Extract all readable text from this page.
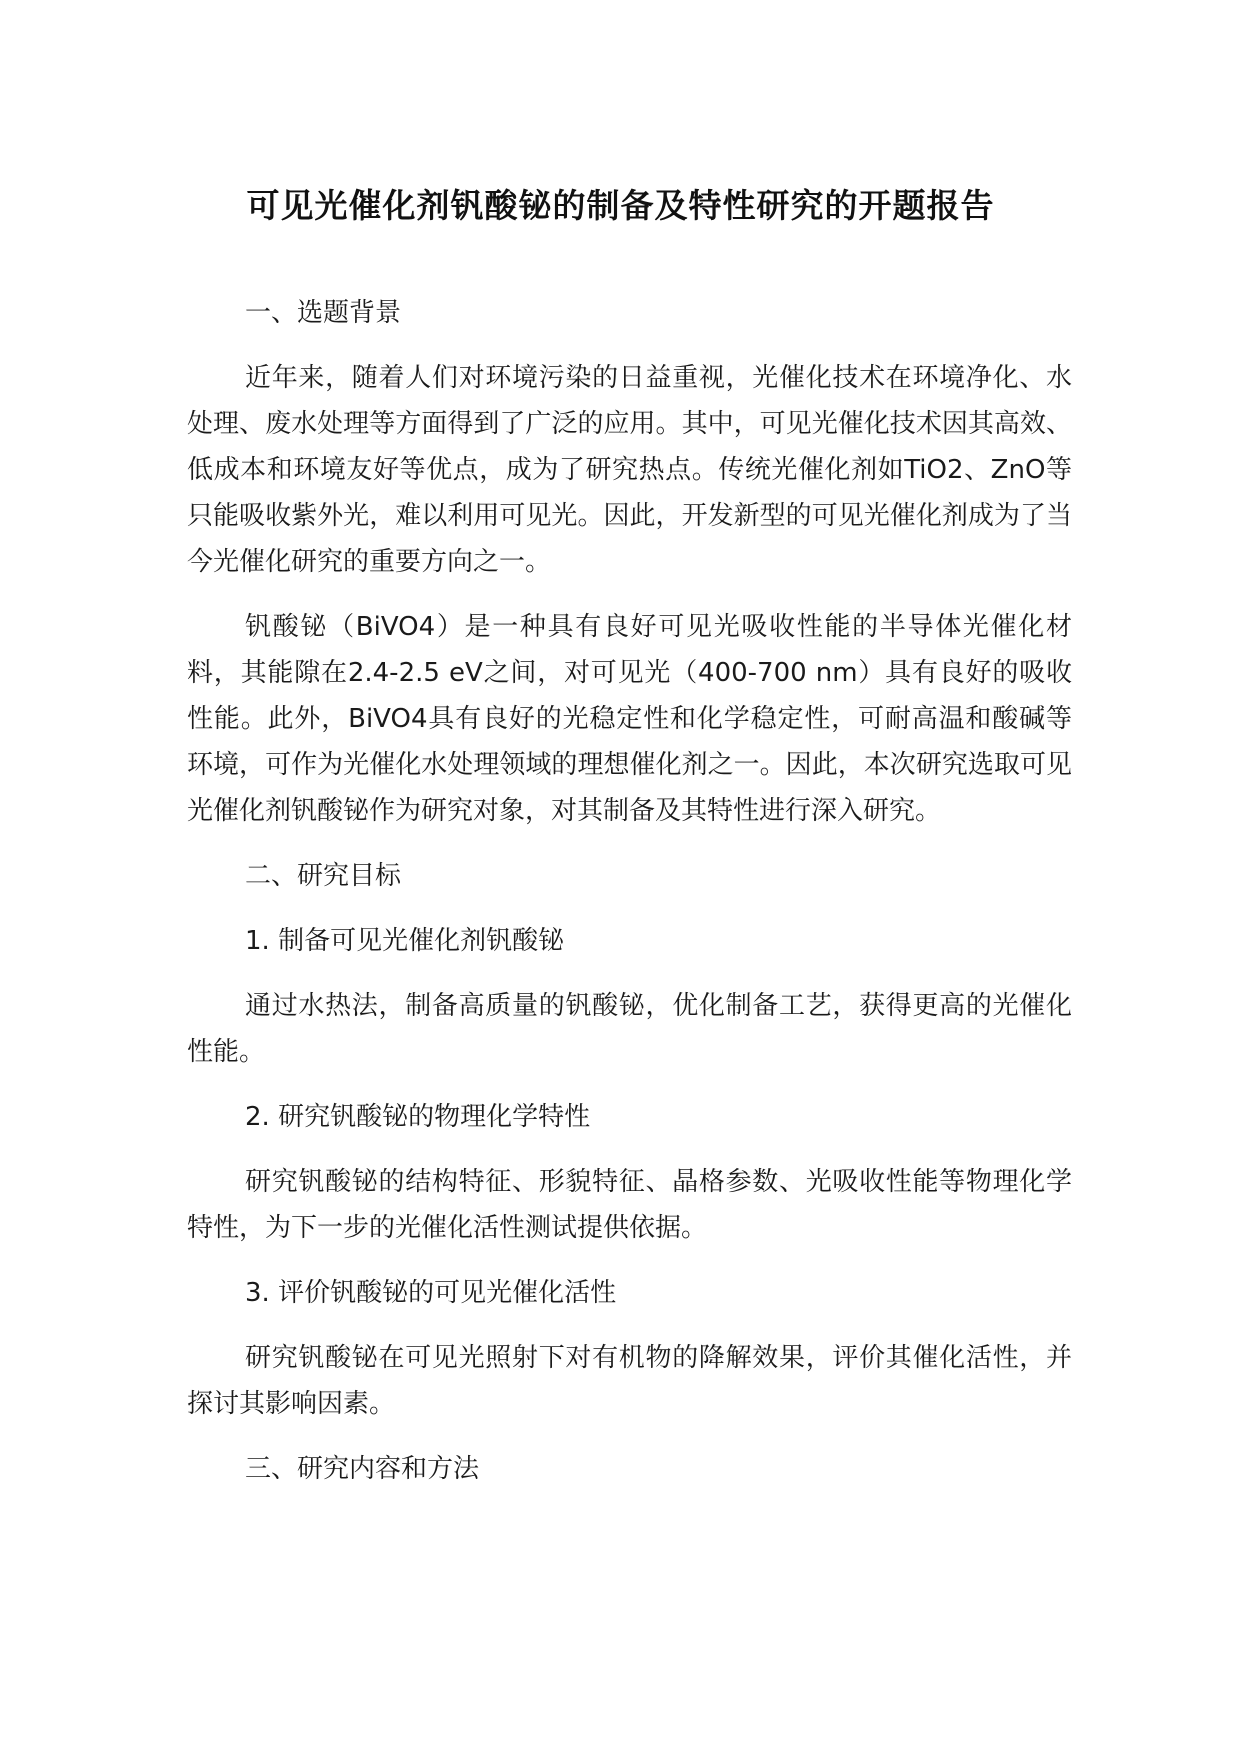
可见光催化剂钒酸铋的制备及特性研究的开题报告

一、选题背景

近年来，随着人们对环境污染的日益重视，光催化技术在环境净化、水处理、废水处理等方面得到了广泛的应用。其中，可见光催化技术因其高效、低成本和环境友好等优点，成为了研究热点。传统光催化剂如TiO2、ZnO等只能吸收紫外光，难以利用可见光。因此，开发新型的可见光催化剂成为了当今光催化研究的重要方向之一。

钒酸铋（BiVO4）是一种具有良好可见光吸收性能的半导体光催化材料，其能隙在2.4-2.5 eV之间，对可见光（400-700 nm）具有良好的吸收性能。此外，BiVO4具有良好的光稳定性和化学稳定性，可耐高温和酸碱等环境，可作为光催化水处理领域的理想催化剂之一。因此，本次研究选取可见光催化剂钒酸铋作为研究对象，对其制备及其特性进行深入研究。

二、研究目标

1. 制备可见光催化剂钒酸铋

通过水热法，制备高质量的钒酸铋，优化制备工艺，获得更高的光催化性能。

2. 研究钒酸铋的物理化学特性

研究钒酸铋的结构特征、形貌特征、晶格参数、光吸收性能等物理化学特性，为下一步的光催化活性测试提供依据。

3. 评价钒酸铋的可见光催化活性

研究钒酸铋在可见光照射下对有机物的降解效果，评价其催化活性，并探讨其影响因素。

三、研究内容和方法
